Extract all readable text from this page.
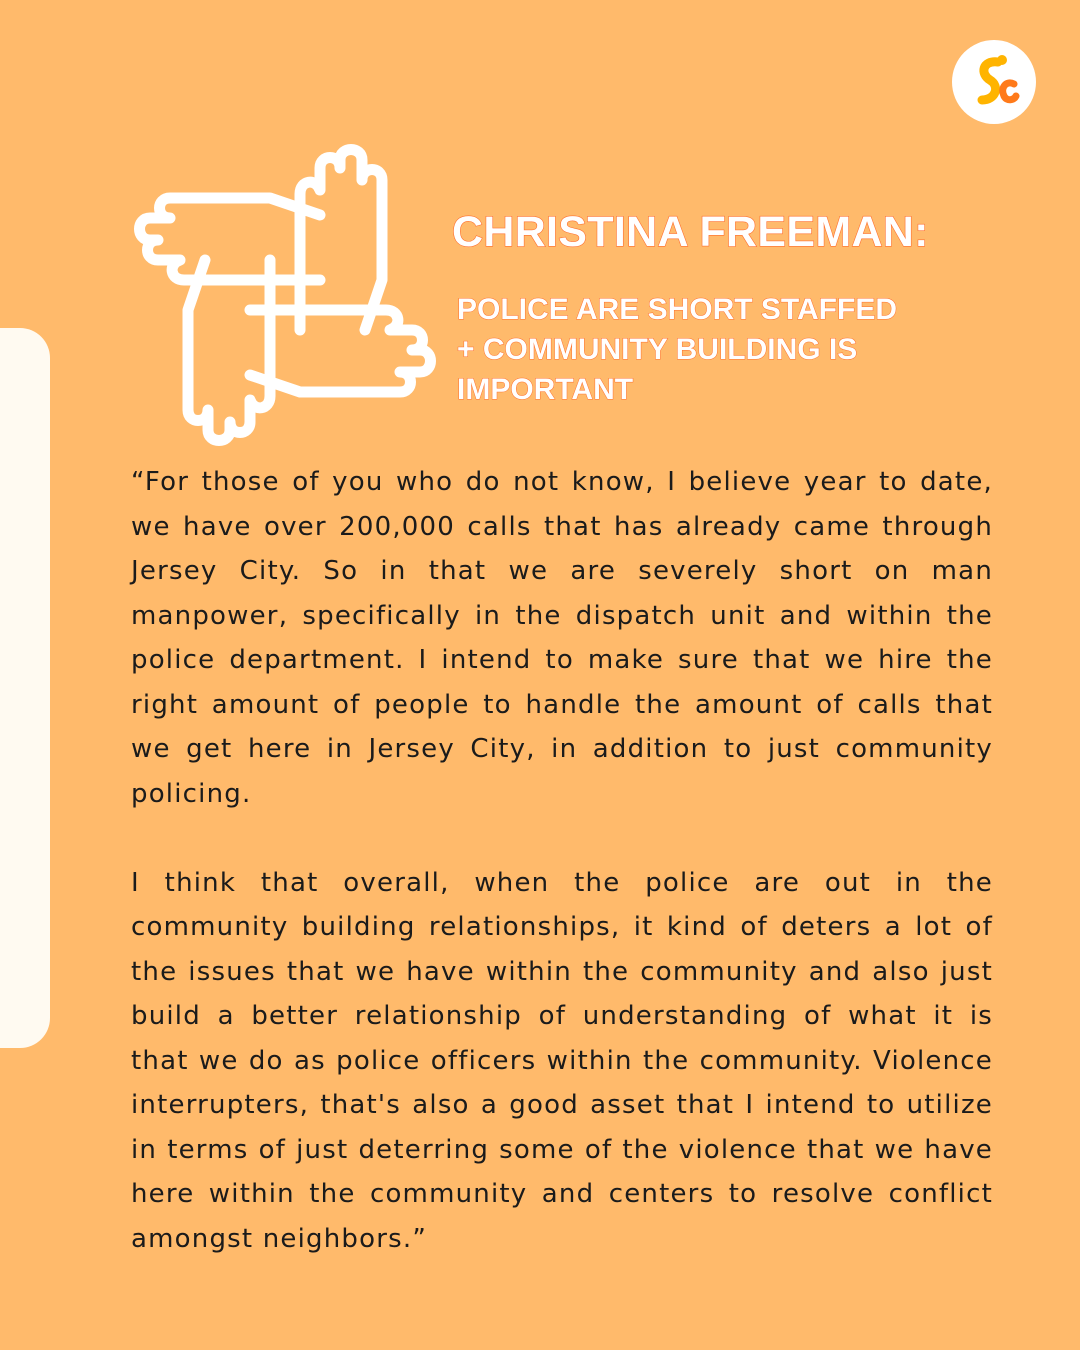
CHRISTINA FREEMAN:
POLICE ARE SHORT STAFFED
+ COMMUNITY BUILDING IS
IMPORTANT

“For those of you who do not know, I believe year to date, we have over 200,000 calls that has already came through Jersey City. So in that we are severely short on man manpower, specifically in the dispatch unit and within the police department. I intend to make sure that we hire the right amount of people to handle the amount of calls that we get here in Jersey City, in addition to just community policing.

I think that overall, when the police are out in the community building relationships, it kind of deters a lot of the issues that we have within the community and also just build a better relationship of understanding of what it is that we do as police officers within the community. Violence interrupters, that's also a good asset that I intend to utilize in terms of just deterring some of the violence that we have here within the community and centers to resolve conflict amongst neighbors.”
